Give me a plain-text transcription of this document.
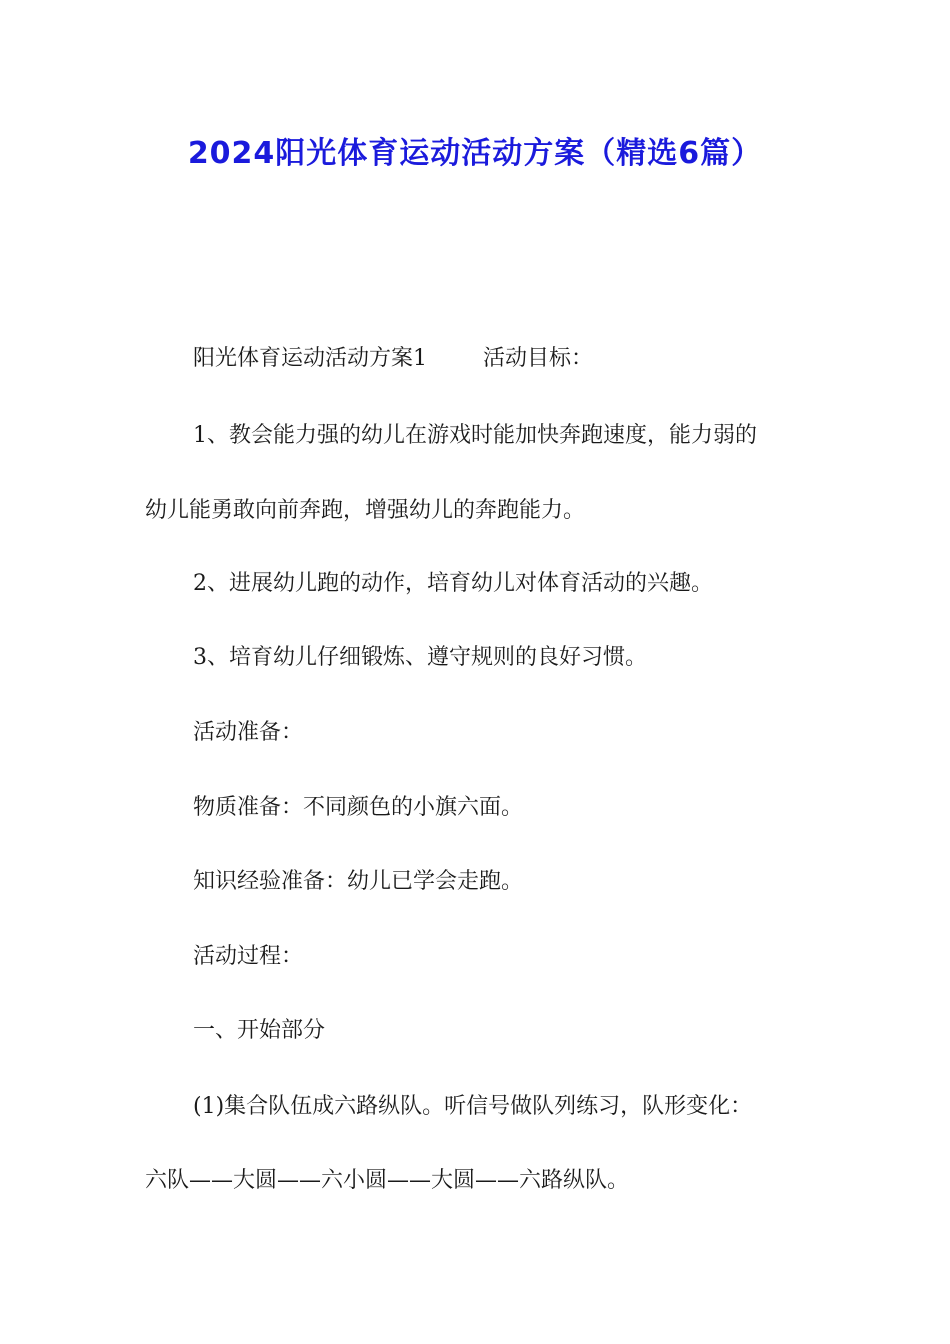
2024阳光体育运动活动方案（精选6篇）
阳光体育运动活动方案1	活动目标：
1、教会能力强的幼儿在游戏时能加快奔跑速度，能力弱的
幼儿能勇敢向前奔跑，增强幼儿的奔跑能力。
2、进展幼儿跑的动作，培育幼儿对体育活动的兴趣。
3、培育幼儿仔细锻炼、遵守规则的良好习惯。
活动准备：
物质准备：不同颜色的小旗六面。
知识经验准备：幼儿已学会走跑。
活动过程：
一、开始部分
(1)集合队伍成六路纵队。听信号做队列练习，队形变化：
六队——大圆——六小圆——大圆——六路纵队。
